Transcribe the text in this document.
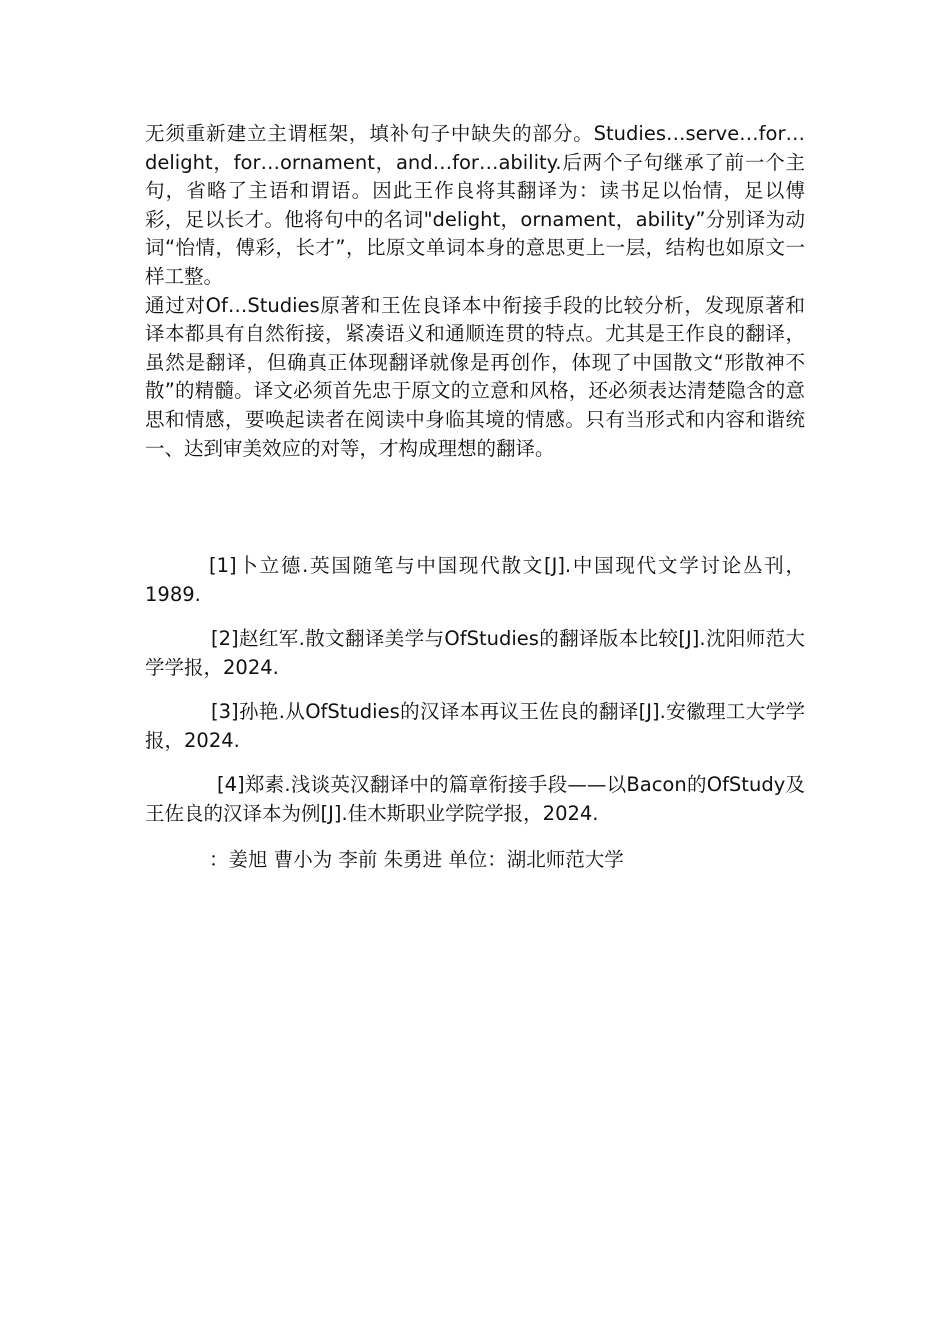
无须重新建立主谓框架，填补句子中缺失的部分。Studies…serve…for…delight，for…ornament，and…for…ability.后两个子句继承了前一个主句，省略了主语和谓语。因此王作良将其翻译为：读书足以怡情，足以傅彩，足以长才。他将句中的名词"delight，ornament，ability”分别译为动词“怡情，傅彩，长才”，比原文单词本身的意思更上一层，结构也如原文一样工整。

通过对Of…Studies原著和王佐良译本中衔接手段的比较分析，发现原著和译本都具有自然衔接，紧凑语义和通顺连贯的特点。尤其是王作良的翻译，虽然是翻译，但确真正体现翻译就像是再创作，体现了中国散文“形散神不散”的精髓。译文必须首先忠于原文的立意和风格，还必须表达清楚隐含的意思和情感，要唤起读者在阅读中身临其境的情感。只有当形式和内容和谐统一、达到审美效应的对等，才构成理想的翻译。

[1]卜立德.英国随笔与中国现代散文[J].中国现代文学讨论丛刊，1989.

[2]赵红军.散文翻译美学与OfStudies的翻译版本比较[J].沈阳师范大学学报，2024.

[3]孙艳.从OfStudies的汉译本再议王佐良的翻译[J].安徽理工大学学报，2024.

[4]郑素.浅谈英汉翻译中的篇章衔接手段——以Bacon的OfStudy及王佐良的汉译本为例[J].佳木斯职业学院学报，2024.

：姜旭 曹小为 李前 朱勇进 单位：湖北师范大学
